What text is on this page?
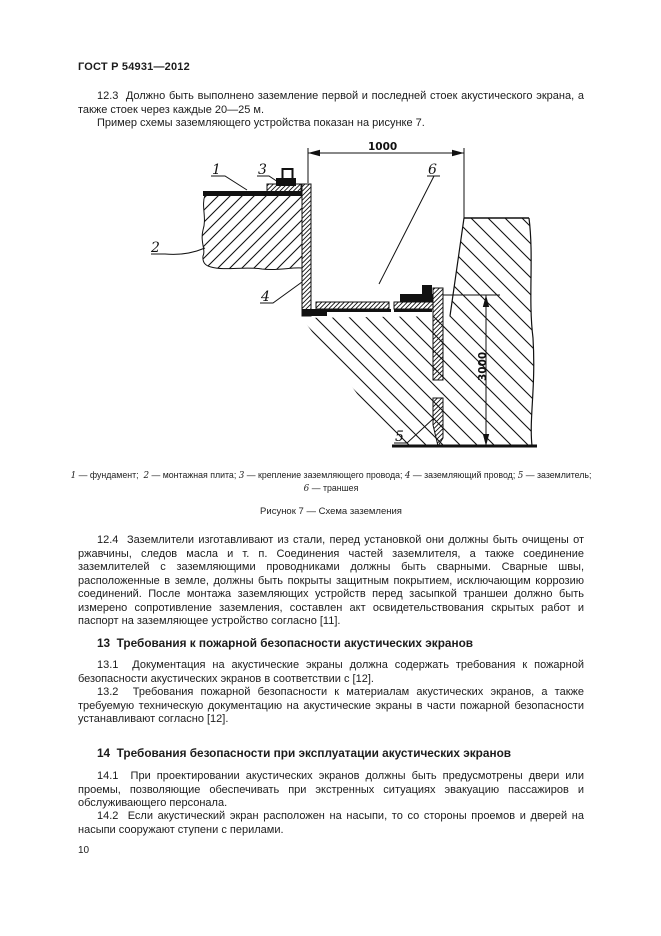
ГОСТ Р 54931—2012
12.3  Должно быть выполнено заземление первой и последней стоек акустического экрана, а также стоек через каждые 20—25 м.
Пример схемы заземляющего устройства показан на рисунке 7.
1000
3000
1
2
3
4
5
6
1 — фундамент;  2 — монтажная плита; 3 — крепление заземляющего провода; 4 — заземляющий провод; 5 — заземлитель;
6 — траншея
Рисунок 7 — Схема заземления
12.4  Заземлители изготавливают из стали, перед установкой они должны быть очищены от ржавчины, следов масла и т. п. Соединения частей заземлителя, а также соединение заземлителей с заземляющими проводниками должны быть сварными. Сварные швы, расположенные в земле, должны быть покрыты защитным покрытием, исключающим коррозию соединений. После монтажа заземляющих устройств перед засыпкой траншеи должно быть измерено сопротивление заземления, составлен акт освидетельствования скрытых работ и паспорт на заземляющее устройство согласно [11].
13  Требования к пожарной безопасности акустических экранов
13.1  Документация на акустические экраны должна содержать требования к пожарной безопасности акустических экранов в соответствии с [12].
13.2  Требования пожарной безопасности к материалам акустических экранов, а также требуемую техническую документацию на акустические экраны в части пожарной безопасности устанавливают согласно [12].
14  Требования безопасности при эксплуатации акустических экранов
14.1  При проектировании акустических экранов должны быть предусмотрены двери или проемы, позволяющие обеспечивать при экстренных ситуациях эвакуацию пассажиров и обслуживающего персонала.
14.2  Если акустический экран расположен на насыпи, то со стороны проемов и дверей на насыпи сооружают ступени с перилами.
10
